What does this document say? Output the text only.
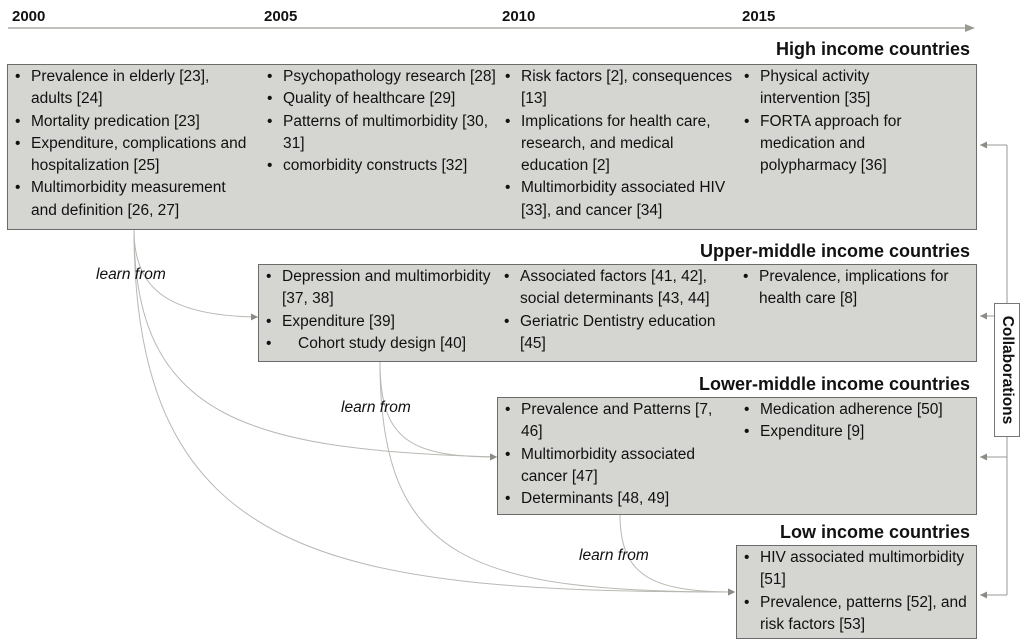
2000	2005	2010	2015
High income countries
• Prevalence in elderly [23], adults [24]
• Mortality predication [23]
• Expenditure, complications and hospitalization [25]
• Multimorbidity measurement and definition [26, 27]
• Psychopathology research [28]
• Quality of healthcare [29]
• Patterns of multimorbidity [30, 31]
• comorbidity constructs [32]
• Risk factors [2], consequences [13]
• Implications for health care, research, and medical education [2]
• Multimorbidity associated HIV [33], and cancer [34]
• Physical activity intervention [35]
• FORTA approach for medication and polypharmacy [36]
Upper-middle income countries
• Depression and multimorbidity [37, 38]
• Expenditure [39]
• Cohort study design [40]
• Associated factors [41, 42], social determinants [43, 44]
• Geriatric Dentistry education [45]
• Prevalence, implications for health care [8]
Lower-middle income countries
• Prevalence and Patterns [7, 46]
• Multimorbidity associated cancer [47]
• Determinants [48, 49]
• Medication adherence [50]
• Expenditure [9]
Low income countries
• HIV associated multimorbidity [51]
• Prevalence, patterns [52], and risk factors [53]
learn from
learn from
learn from
Collaborations
